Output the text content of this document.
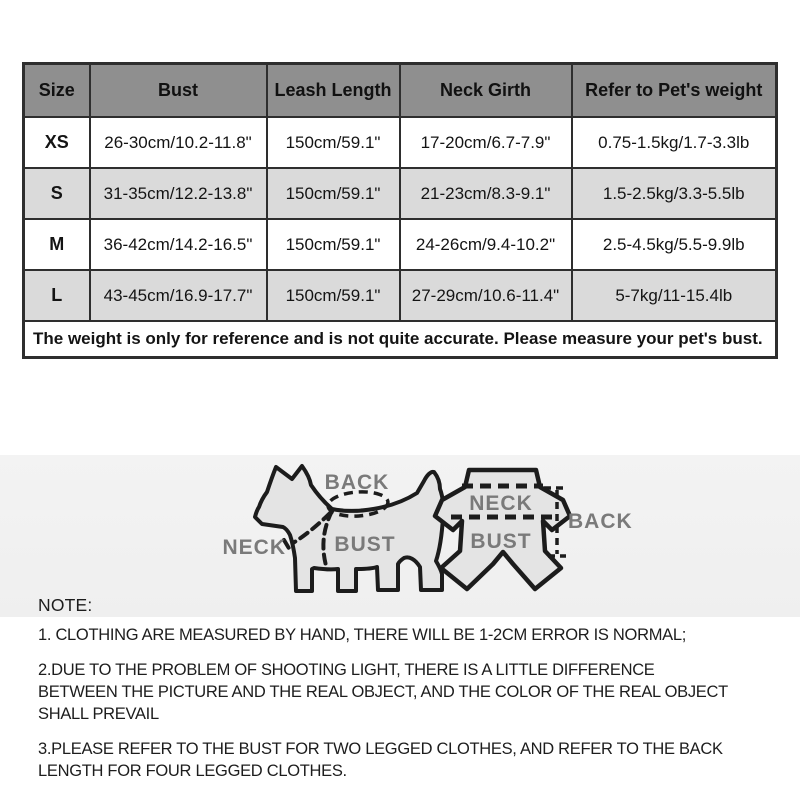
Size	Bust	Leash Length	Neck Girth	Refer to Pet's weight
XS	26-30cm/10.2-11.8"	150cm/59.1"	17-20cm/6.7-7.9"	0.75-1.5kg/1.7-3.3lb
S	31-35cm/12.2-13.8"	150cm/59.1"	21-23cm/8.3-9.1"	1.5-2.5kg/3.3-5.5lb
M	36-42cm/14.2-16.5"	150cm/59.1"	24-26cm/9.4-10.2"	2.5-4.5kg/5.5-9.9lb
L	43-45cm/16.9-17.7"	150cm/59.1"	27-29cm/10.6-11.4"	5-7kg/11-15.4lb
The weight is only for reference and is not quite accurate. Please measure your pet's bust.				
BACK
BUST
NECK
NECK
BUST
BACK
NOTE:

1. CLOTHING ARE MEASURED BY HAND, THERE WILL BE 1-2CM ERROR IS NORMAL;

2.DUE TO THE PROBLEM OF SHOOTING LIGHT, THERE IS A LITTLE DIFFERENCE BETWEEN THE PICTURE AND THE REAL OBJECT, AND THE COLOR OF THE REAL OBJECT SHALL PREVAIL

3.PLEASE REFER TO THE BUST FOR TWO LEGGED CLOTHES, AND REFER TO THE BACK LENGTH FOR FOUR LEGGED CLOTHES.
